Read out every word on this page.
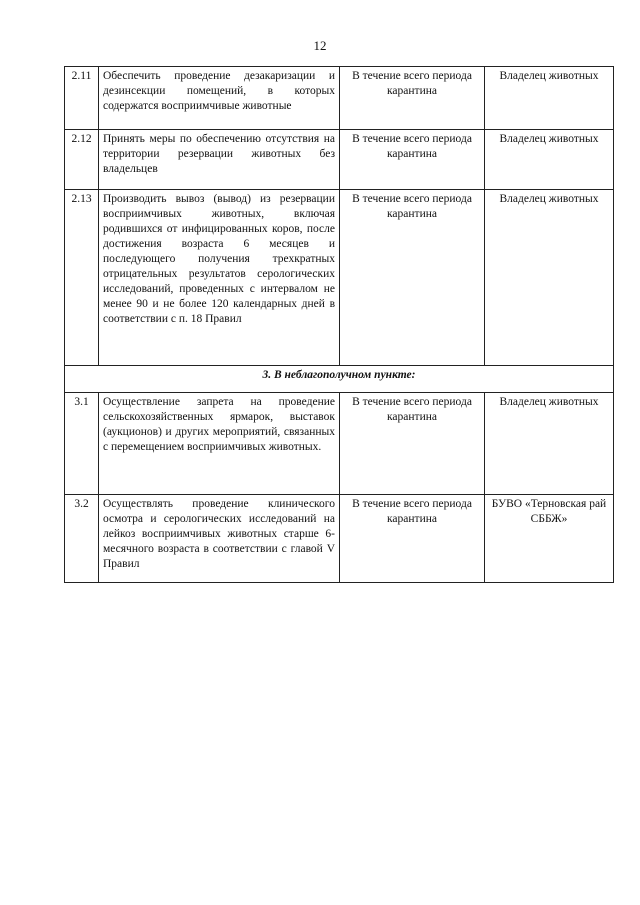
12
2.11	Обеспечить проведение дезакаризации и дезинсекции помещений, в которых содержатся восприимчивые животные	В течение всего периода карантина	Владелец животных
2.12	Принять меры по обеспечению отсутствия на территории резервации животных без владельцев	В течение всего периода карантина	Владелец животных
2.13	Производить вывоз (вывод) из резервации восприимчивых животных, включая родившихся от инфицированных коров, после достижения возраста 6 месяцев и последующего получения трехкратных отрицательных результатов серологических исследований, проведенных с интервалом не менее 90 и не более 120 календарных дней в соответствии с п. 18 Правил	В течение всего периода карантина	Владелец животных
3. В неблагополучном пункте:			
3.1	Осуществление запрета на проведение сельскохозяйственных ярмарок, выставок (аукционов) и других мероприятий, связанных с перемещением восприимчивых животных.	В течение всего периода карантина	Владелец животных
3.2	Осуществлять проведение клинического осмотра и серологических исследований на лейкоз восприимчивых животных старше 6-месячного возраста в соответствии с главой V Правил	В течение всего периода карантина	БУВО «Терновская рай СББЖ»
